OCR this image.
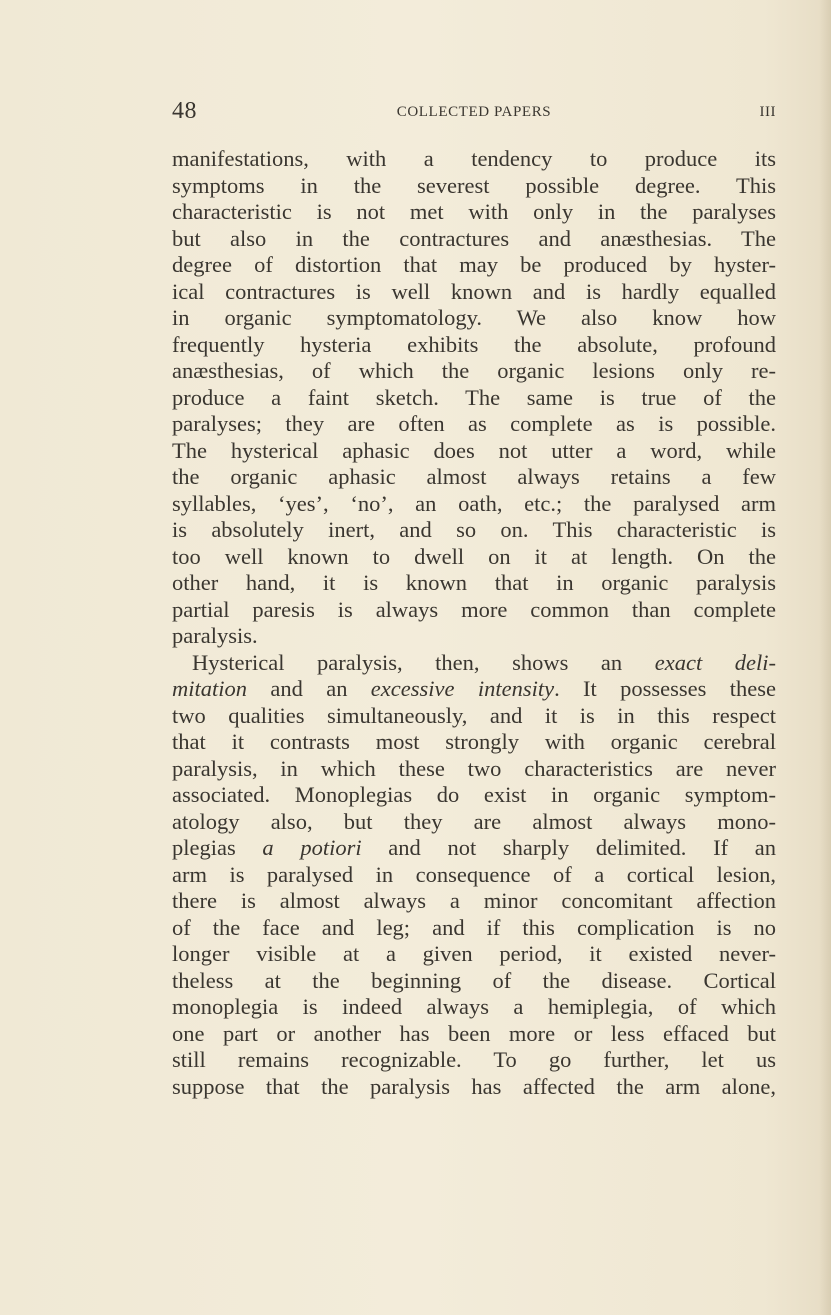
48	COLLECTED PAPERS	III
manifestations, with a tendency to produce its
symptoms in the severest possible degree. This
characteristic is not met with only in the paralyses
but also in the contractures and anæsthesias. The
degree of distortion that may be produced by hyster-
ical contractures is well known and is hardly equalled
in organic symptomatology. We also know how
frequently hysteria exhibits the absolute, profound
anæsthesias, of which the organic lesions only re-
produce a faint sketch. The same is true of the
paralyses; they are often as complete as is possible.
The hysterical aphasic does not utter a word, while
the organic aphasic almost always retains a few
syllables, ‘yes’, ‘no’, an oath, etc.; the paralysed arm
is absolutely inert, and so on. This characteristic is
too well known to dwell on it at length. On the
other hand, it is known that in organic paralysis
partial paresis is always more common than complete
paralysis.
Hysterical paralysis, then, shows an exact deli-
mitation and an excessive intensity. It possesses these
two qualities simultaneously, and it is in this respect
that it contrasts most strongly with organic cerebral
paralysis, in which these two characteristics are never
associated. Monoplegias do exist in organic symptom-
atology also, but they are almost always mono-
plegias a potiori and not sharply delimited. If an
arm is paralysed in consequence of a cortical lesion,
there is almost always a minor concomitant affection
of the face and leg; and if this complication is no
longer visible at a given period, it existed never-
theless at the beginning of the disease. Cortical
monoplegia is indeed always a hemiplegia, of which
one part or another has been more or less effaced but
still remains recognizable. To go further, let us
suppose that the paralysis has affected the arm alone,
